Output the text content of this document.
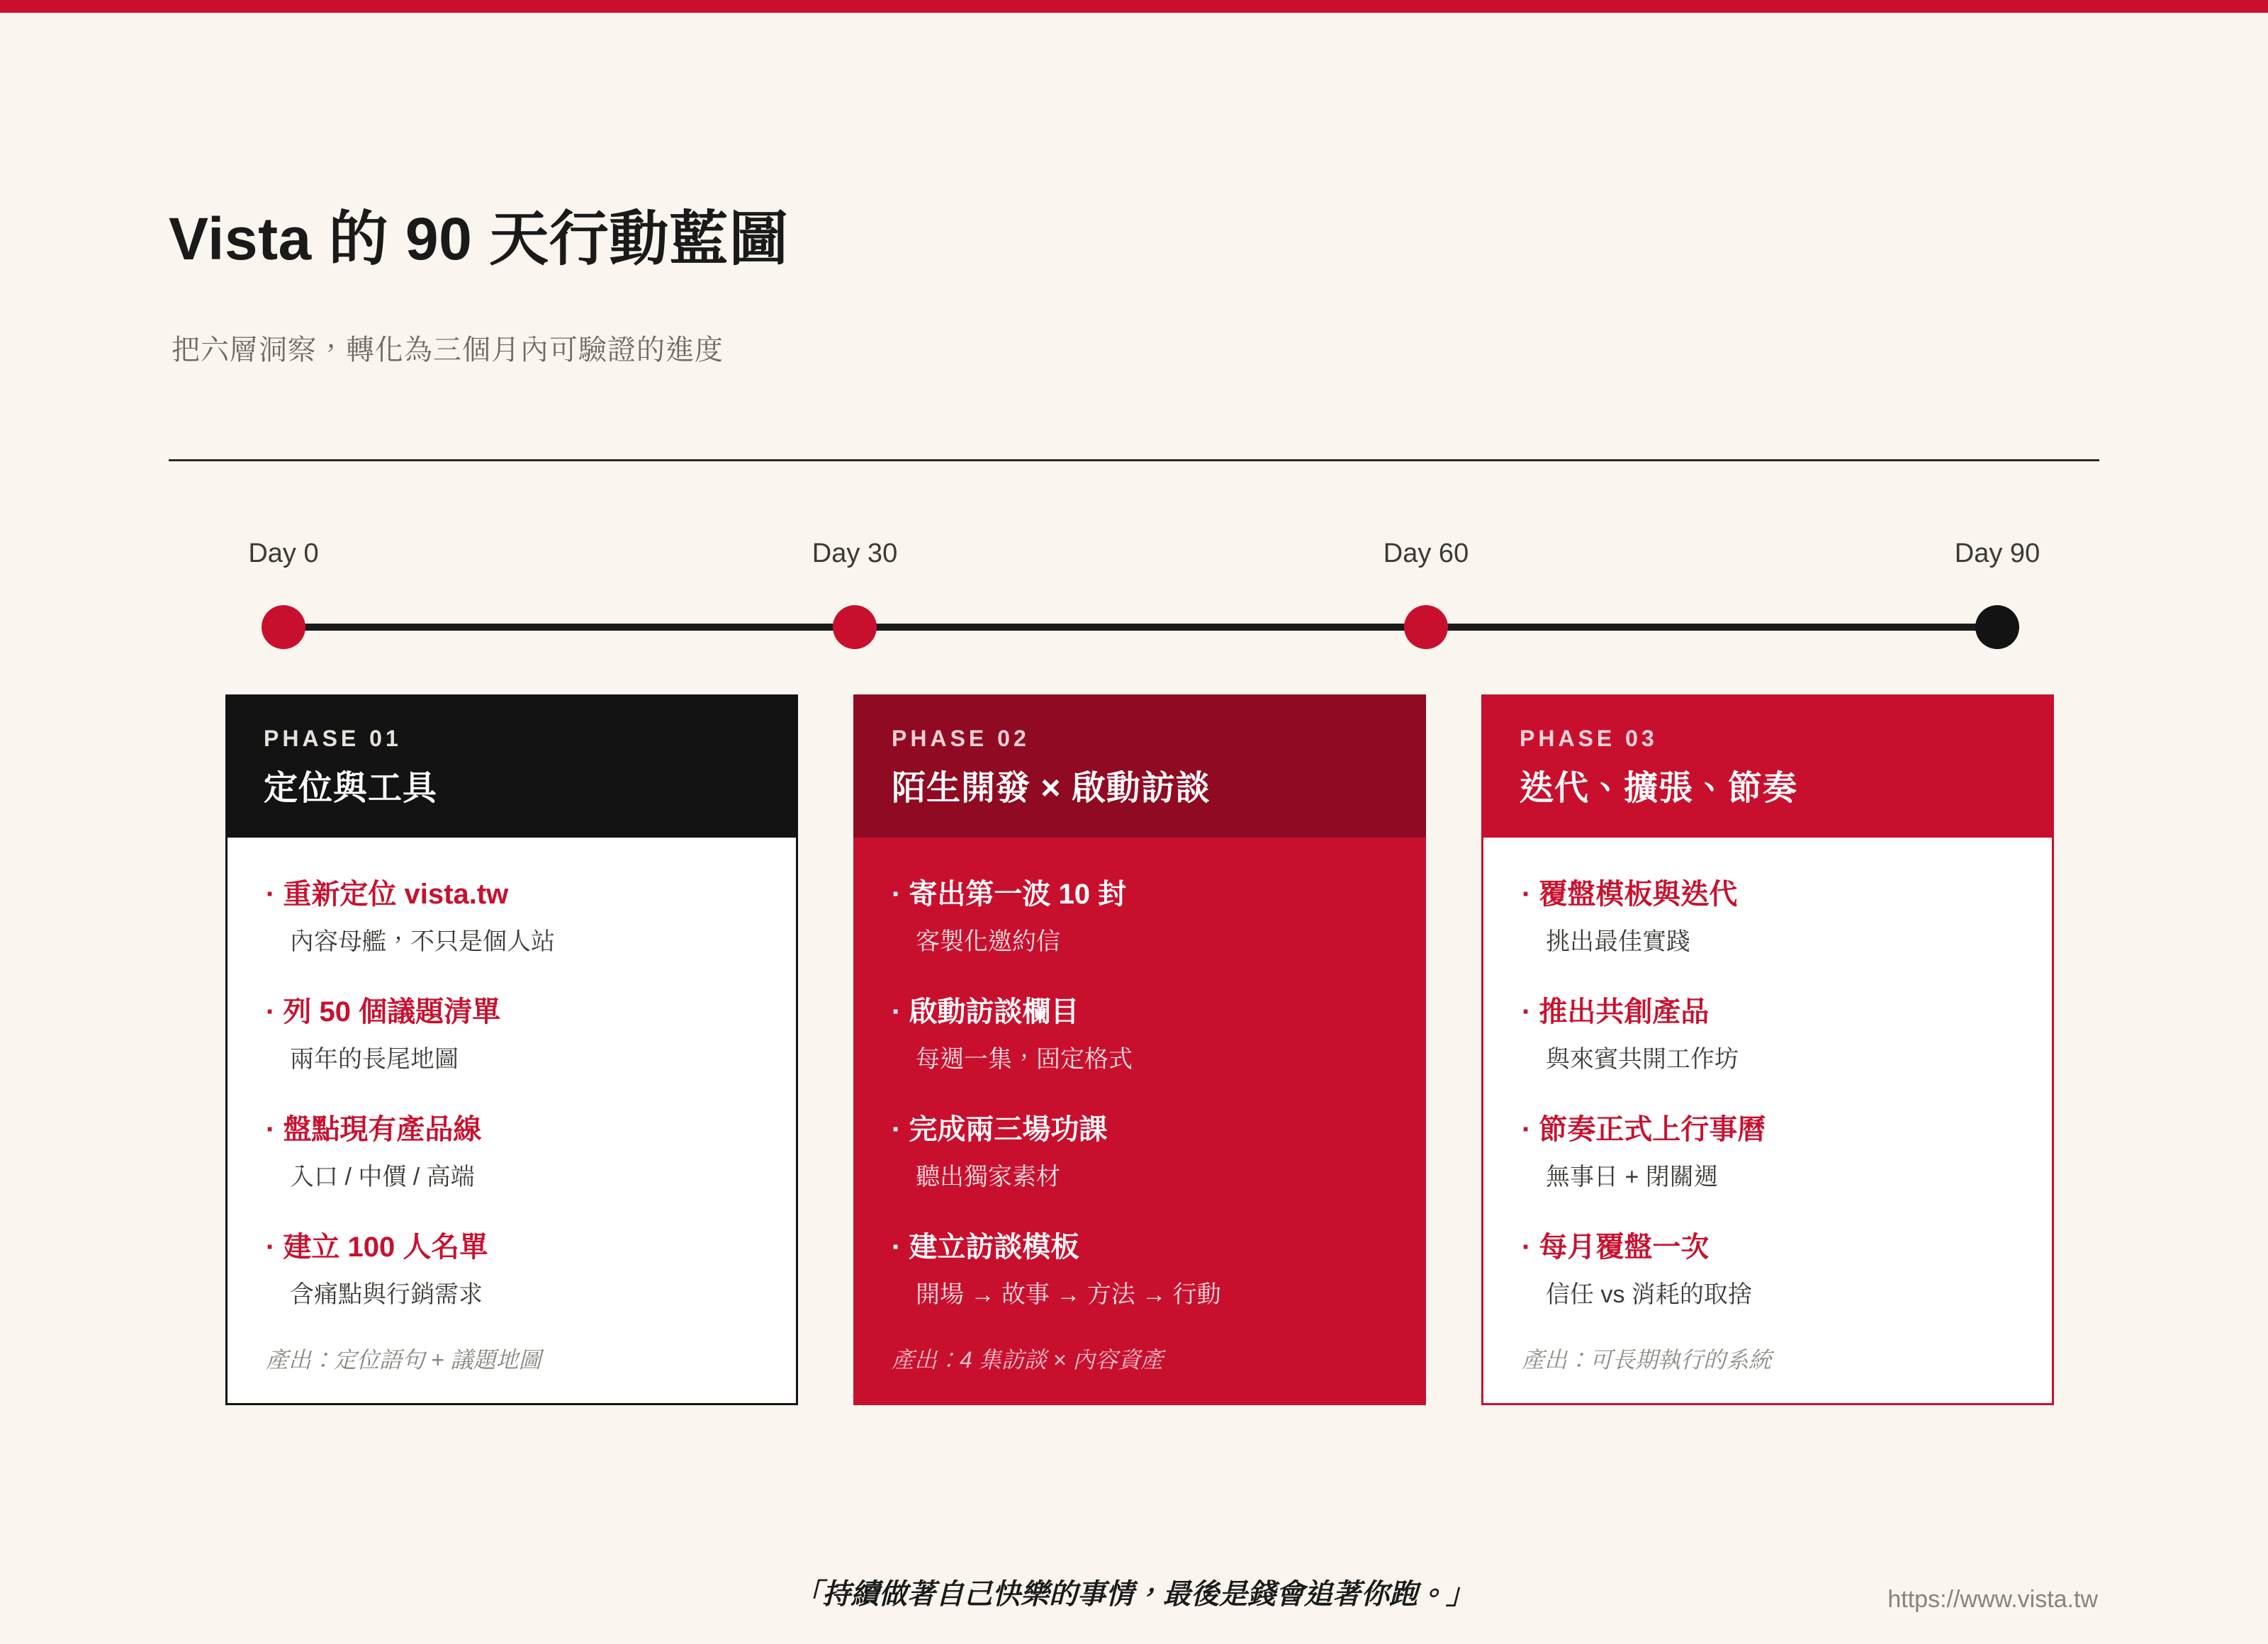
Vista 的 90 天行動藍圖
把六層洞察，轉化為三個月內可驗證的進度
Day 0	Day 30	Day 60	Day 90
PHASE 01
定位與工具
· 重新定位 vista.tw
內容母艦，不只是個人站
· 列 50 個議題清單
兩年的長尾地圖
· 盤點現有產品線
入口 / 中價 / 高端
· 建立 100 人名單
含痛點與行銷需求
產出：定位語句 + 議題地圖
PHASE 02
陌生開發 × 啟動訪談
· 寄出第一波 10 封
客製化邀約信
· 啟動訪談欄目
每週一集，固定格式
· 完成兩三場功課
聽出獨家素材
· 建立訪談模板
開場 → 故事 → 方法 → 行動
產出：4 集訪談 × 內容資產
PHASE 03
迭代、擴張、節奏
· 覆盤模板與迭代
挑出最佳實踐
· 推出共創產品
與來賓共開工作坊
· 節奏正式上行事曆
無事日 + 閉關週
· 每月覆盤一次
信任 vs 消耗的取捨
產出：可長期執行的系統
「持續做著自己快樂的事情，最後是錢會追著你跑。」	https://www.vista.tw
